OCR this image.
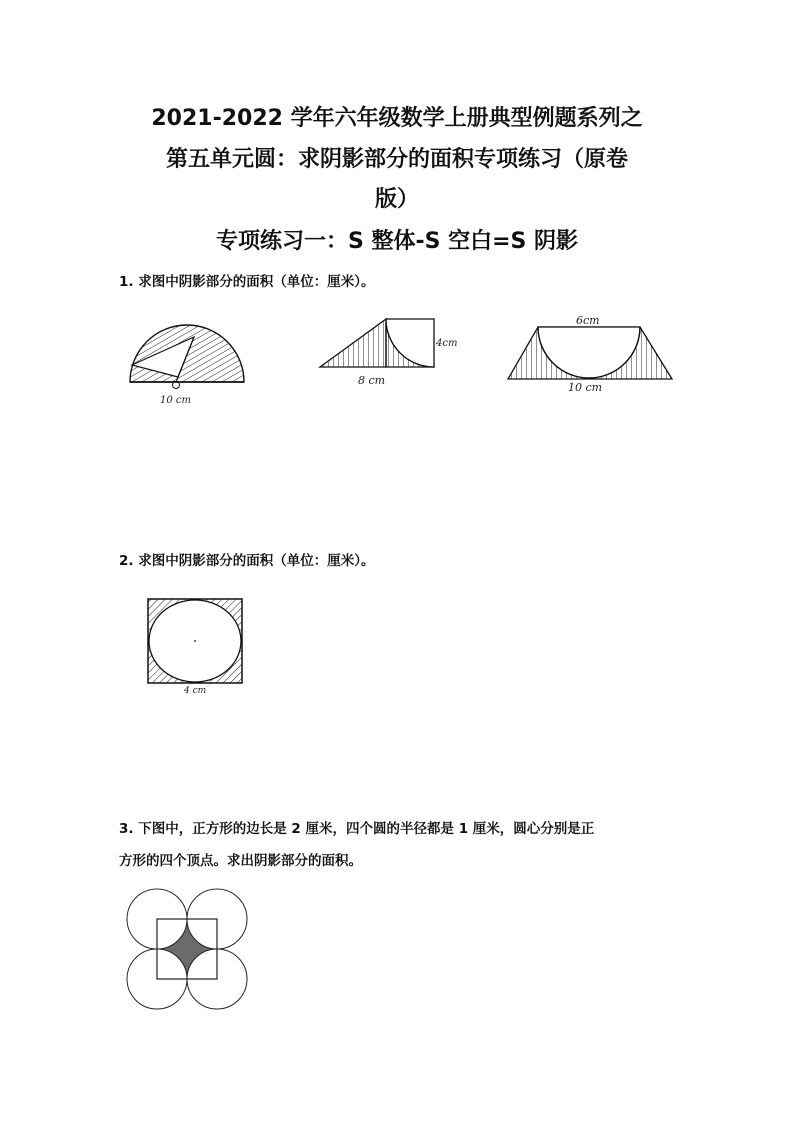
2021-2022 学年六年级数学上册典型例题系列之
第五单元圆：求阴影部分的面积专项练习（原卷
版）
专项练习一：S 整体-S 空白=S 阴影
1. 求图中阴影部分的面积（单位：厘米）。
10 cm
8 cm
4cm
6cm
10 cm
2. 求图中阴影部分的面积（单位：厘米）。
4 cm
3. 下图中，正方形的边长是 2 厘米，四个圆的半径都是 1 厘米，圆心分别是正
方形的四个顶点。求出阴影部分的面积。
